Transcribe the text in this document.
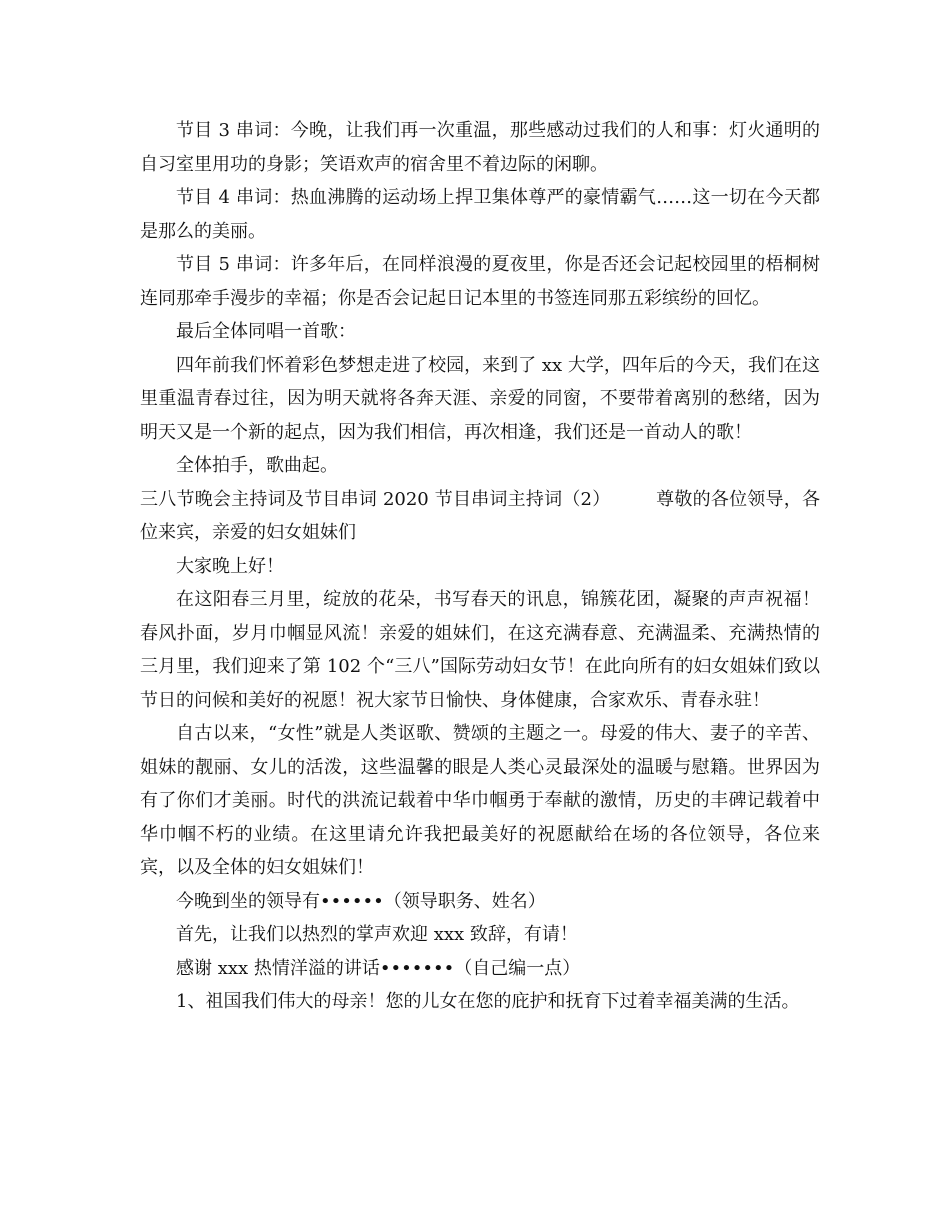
节目 3 串词：今晚，让我们再一次重温，那些感动过我们的人和事：灯火通明的自习室里用功的身影；笑语欢声的宿舍里不着边际的闲聊。

节目 4 串词：热血沸腾的运动场上捍卫集体尊严的豪情霸气……这一切在今天都是那么的美丽。

节目 5 串词：许多年后，在同样浪漫的夏夜里，你是否还会记起校园里的梧桐树连同那牵手漫步的幸福；你是否会记起日记本里的书签连同那五彩缤纷的回忆。

最后全体同唱一首歌：

四年前我们怀着彩色梦想走进了校园，来到了 xx 大学，四年后的今天，我们在这里重温青春过往，因为明天就将各奔天涯、亲爱的同窗，不要带着离别的愁绪，因为明天又是一个新的起点，因为我们相信，再次相逢，我们还是一首动人的歌！

全体拍手，歌曲起。

三八节晚会主持词及节目串词 2020 节目串词主持词（2）　　　尊敬的各位领导，各位来宾，亲爱的妇女姐妹们

大家晚上好！

在这阳春三月里，绽放的花朵，书写春天的讯息，锦簇花团，凝聚的声声祝福！春风扑面，岁月巾帼显风流！亲爱的姐妹们，在这充满春意、充满温柔、充满热情的三月里，我们迎来了第 102 个“三八”国际劳动妇女节！在此向所有的妇女姐妹们致以节日的问候和美好的祝愿！祝大家节日愉快、身体健康，合家欢乐、青春永驻！

自古以来，“女性”就是人类讴歌、赞颂的主题之一。母爱的伟大、妻子的辛苦、姐妹的靓丽、女儿的活泼，这些温馨的眼是人类心灵最深处的温暖与慰籍。世界因为有了你们才美丽。时代的洪流记载着中华巾帼勇于奉献的激情，历史的丰碑记载着中华巾帼不朽的业绩。在这里请允许我把最美好的祝愿献给在场的各位领导，各位来宾，以及全体的妇女姐妹们！

今晚到坐的领导有••••••（领导职务、姓名）

首先，让我们以热烈的掌声欢迎 xxx 致辞，有请！

感谢 xxx 热情洋溢的讲话•••••••（自己编一点）

1、祖国我们伟大的母亲！您的儿女在您的庇护和抚育下过着幸福美满的生活。
